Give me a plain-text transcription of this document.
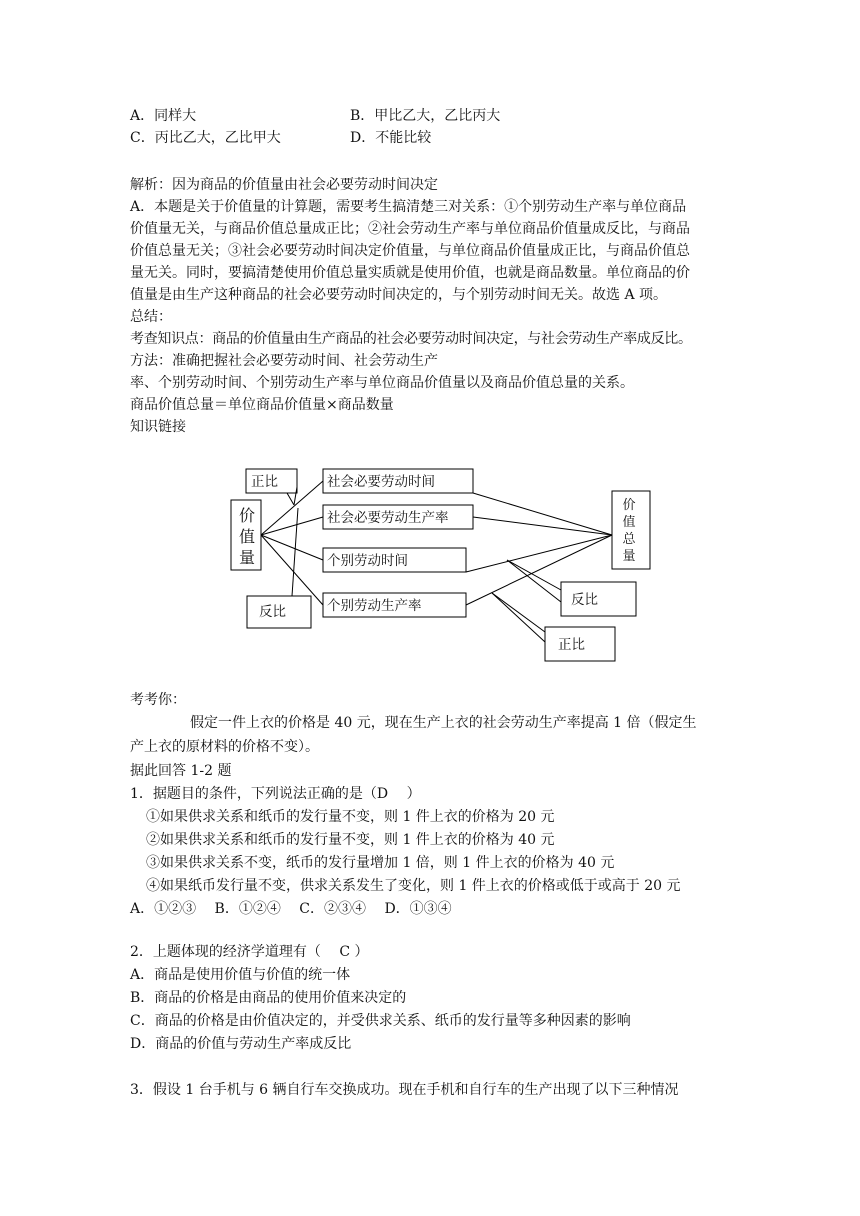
A．同样大	B．甲比乙大，乙比丙大
C．丙比乙大，乙比甲大	D．不能比较
解析：因为商品的价值量由社会必要劳动时间决定
A．本题是关于价值量的计算题，需要考生搞清楚三对关系：①个别劳动生产率与单位商品
价值量无关，与商品价值总量成正比；②社会劳动生产率与单位商品价值量成反比，与商品
价值总量无关；③社会必要劳动时间决定价值量，与单位商品价值量成正比，与商品价值总
量无关。同时，要搞清楚使用价值总量实质就是使用价值，也就是商品数量。单位商品的价
值量是由生产这种商品的社会必要劳动时间决定的，与个别劳动时间无关。故选 A 项。
总结：
考查知识点：商品的价值量由生产商品的社会必要劳动时间决定，与社会劳动生产率成反比。
方法：准确把握社会必要劳动时间、社会劳动生产
率、个别劳动时间、个别劳动生产率与单位商品价值量以及商品价值总量的关系。
商品价值总量＝单位商品价值量×商品数量
知识链接
价
值
量
价
值
总
量
社会必要劳动时间
社会必要劳动生产率
个别劳动时间
个别劳动生产率
正比
反比
反比
正比
考考你：
假定一件上衣的价格是 40 元，现在生产上衣的社会劳动生产率提高 1 倍（假定生
产上衣的原材料的价格不变）。
据此回答 1-2 题
1．据题目的条件，下列说法正确的是（D　 ）
①如果供求关系和纸币的发行量不变，则 1 件上衣的价格为 20 元
②如果供求关系和纸币的发行量不变，则 1 件上衣的价格为 40 元
③如果供求关系不变，纸币的发行量增加 1 倍，则 1 件上衣的价格为 40 元
④如果纸币发行量不变，供求关系发生了变化，则 1 件上衣的价格或低于或高于 20 元
A．①②③　 B．①②④　 C．②③④　 D．①③④
2．上题体现的经济学道理有（　 C ）
A．商品是使用价值与价值的统一体
B．商品的价格是由商品的使用价值来决定的
C．商品的价格是由价值决定的，并受供求关系、纸币的发行量等多种因素的影响
D．商品的价值与劳动生产率成反比
3．假设 1 台手机与 6 辆自行车交换成功。现在手机和自行车的生产出现了以下三种情况
